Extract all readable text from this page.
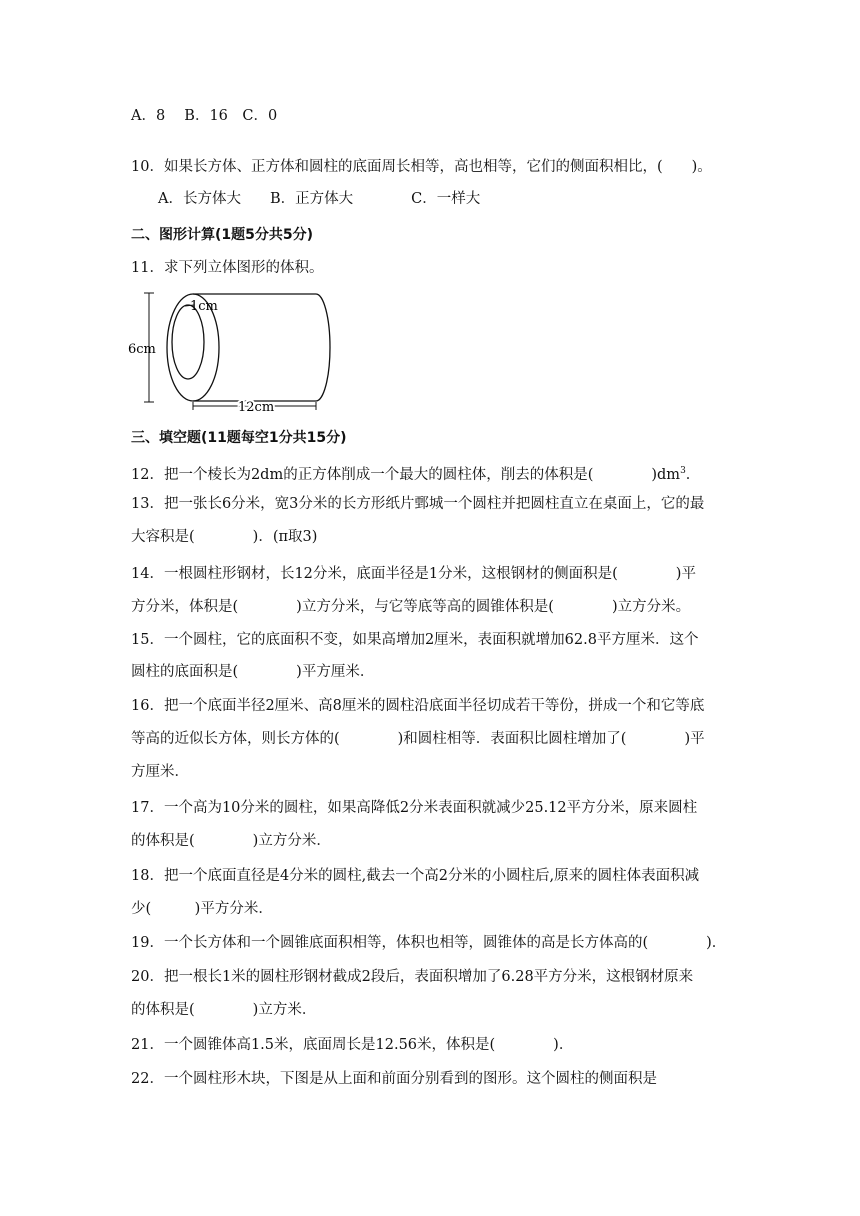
A．8　 B．16　C．0
10．如果长方体、正方体和圆柱的底面周长相等，高也相等，它们的侧面积相比，(　　)。
A．长方体大　　B．正方体大　　　　C．一样大
二、图形计算(1题5分共5分)
11．求下列立体图形的体积。
1cm
6cm
12cm
三、填空题(11题每空1分共15分)
12．把一个棱长为2dm的正方体削成一个最大的圆柱体，削去的体积是(　　　　)$dm^3$．
13．把一张长6分米，宽3分米的长方形纸片鄄城一个圆柱并把圆柱直立在桌面上，它的最
大容积是(　　　　)．(π取3)
14．一根圆柱形钢材，长12分米，底面半径是1分米，这根钢材的侧面积是(　　　　)平
方分米，体积是(　　　　)立方分米，与它等底等高的圆锥体积是(　　　　)立方分米。
15．一个圆柱，它的底面积不变，如果高增加2厘米，表面积就增加62.8平方厘米．这个
圆柱的底面积是(　　　　)平方厘米．
16．把一个底面半径2厘米、高8厘米的圆柱沿底面半径切成若干等份，拼成一个和它等底
等高的近似长方体，则长方体的(　　　　)和圆柱相等．表面积比圆柱增加了(　　　　)平
方厘米．
17．一个高为10分米的圆柱，如果高降低2分米表面积就减少25.12平方分米，原来圆柱
的体积是(　　　　)立方分米．
18．把一个底面直径是4分米的圆柱,截去一个高2分米的小圆柱后,原来的圆柱体表面积减
少(　　　)平方分米．
19．一个长方体和一个圆锥底面积相等，体积也相等，圆锥体的高是长方体高的(　　　　)．
20．把一根长1米的圆柱形钢材截成2段后，表面积增加了6.28平方分米，这根钢材原来
的体积是(　　　　)立方米．
21．一个圆锥体高1.5米，底面周长是12.56米，体积是(　　　　)．
22．一个圆柱形木块，下图是从上面和前面分别看到的图形。这个圆柱的侧面积是
